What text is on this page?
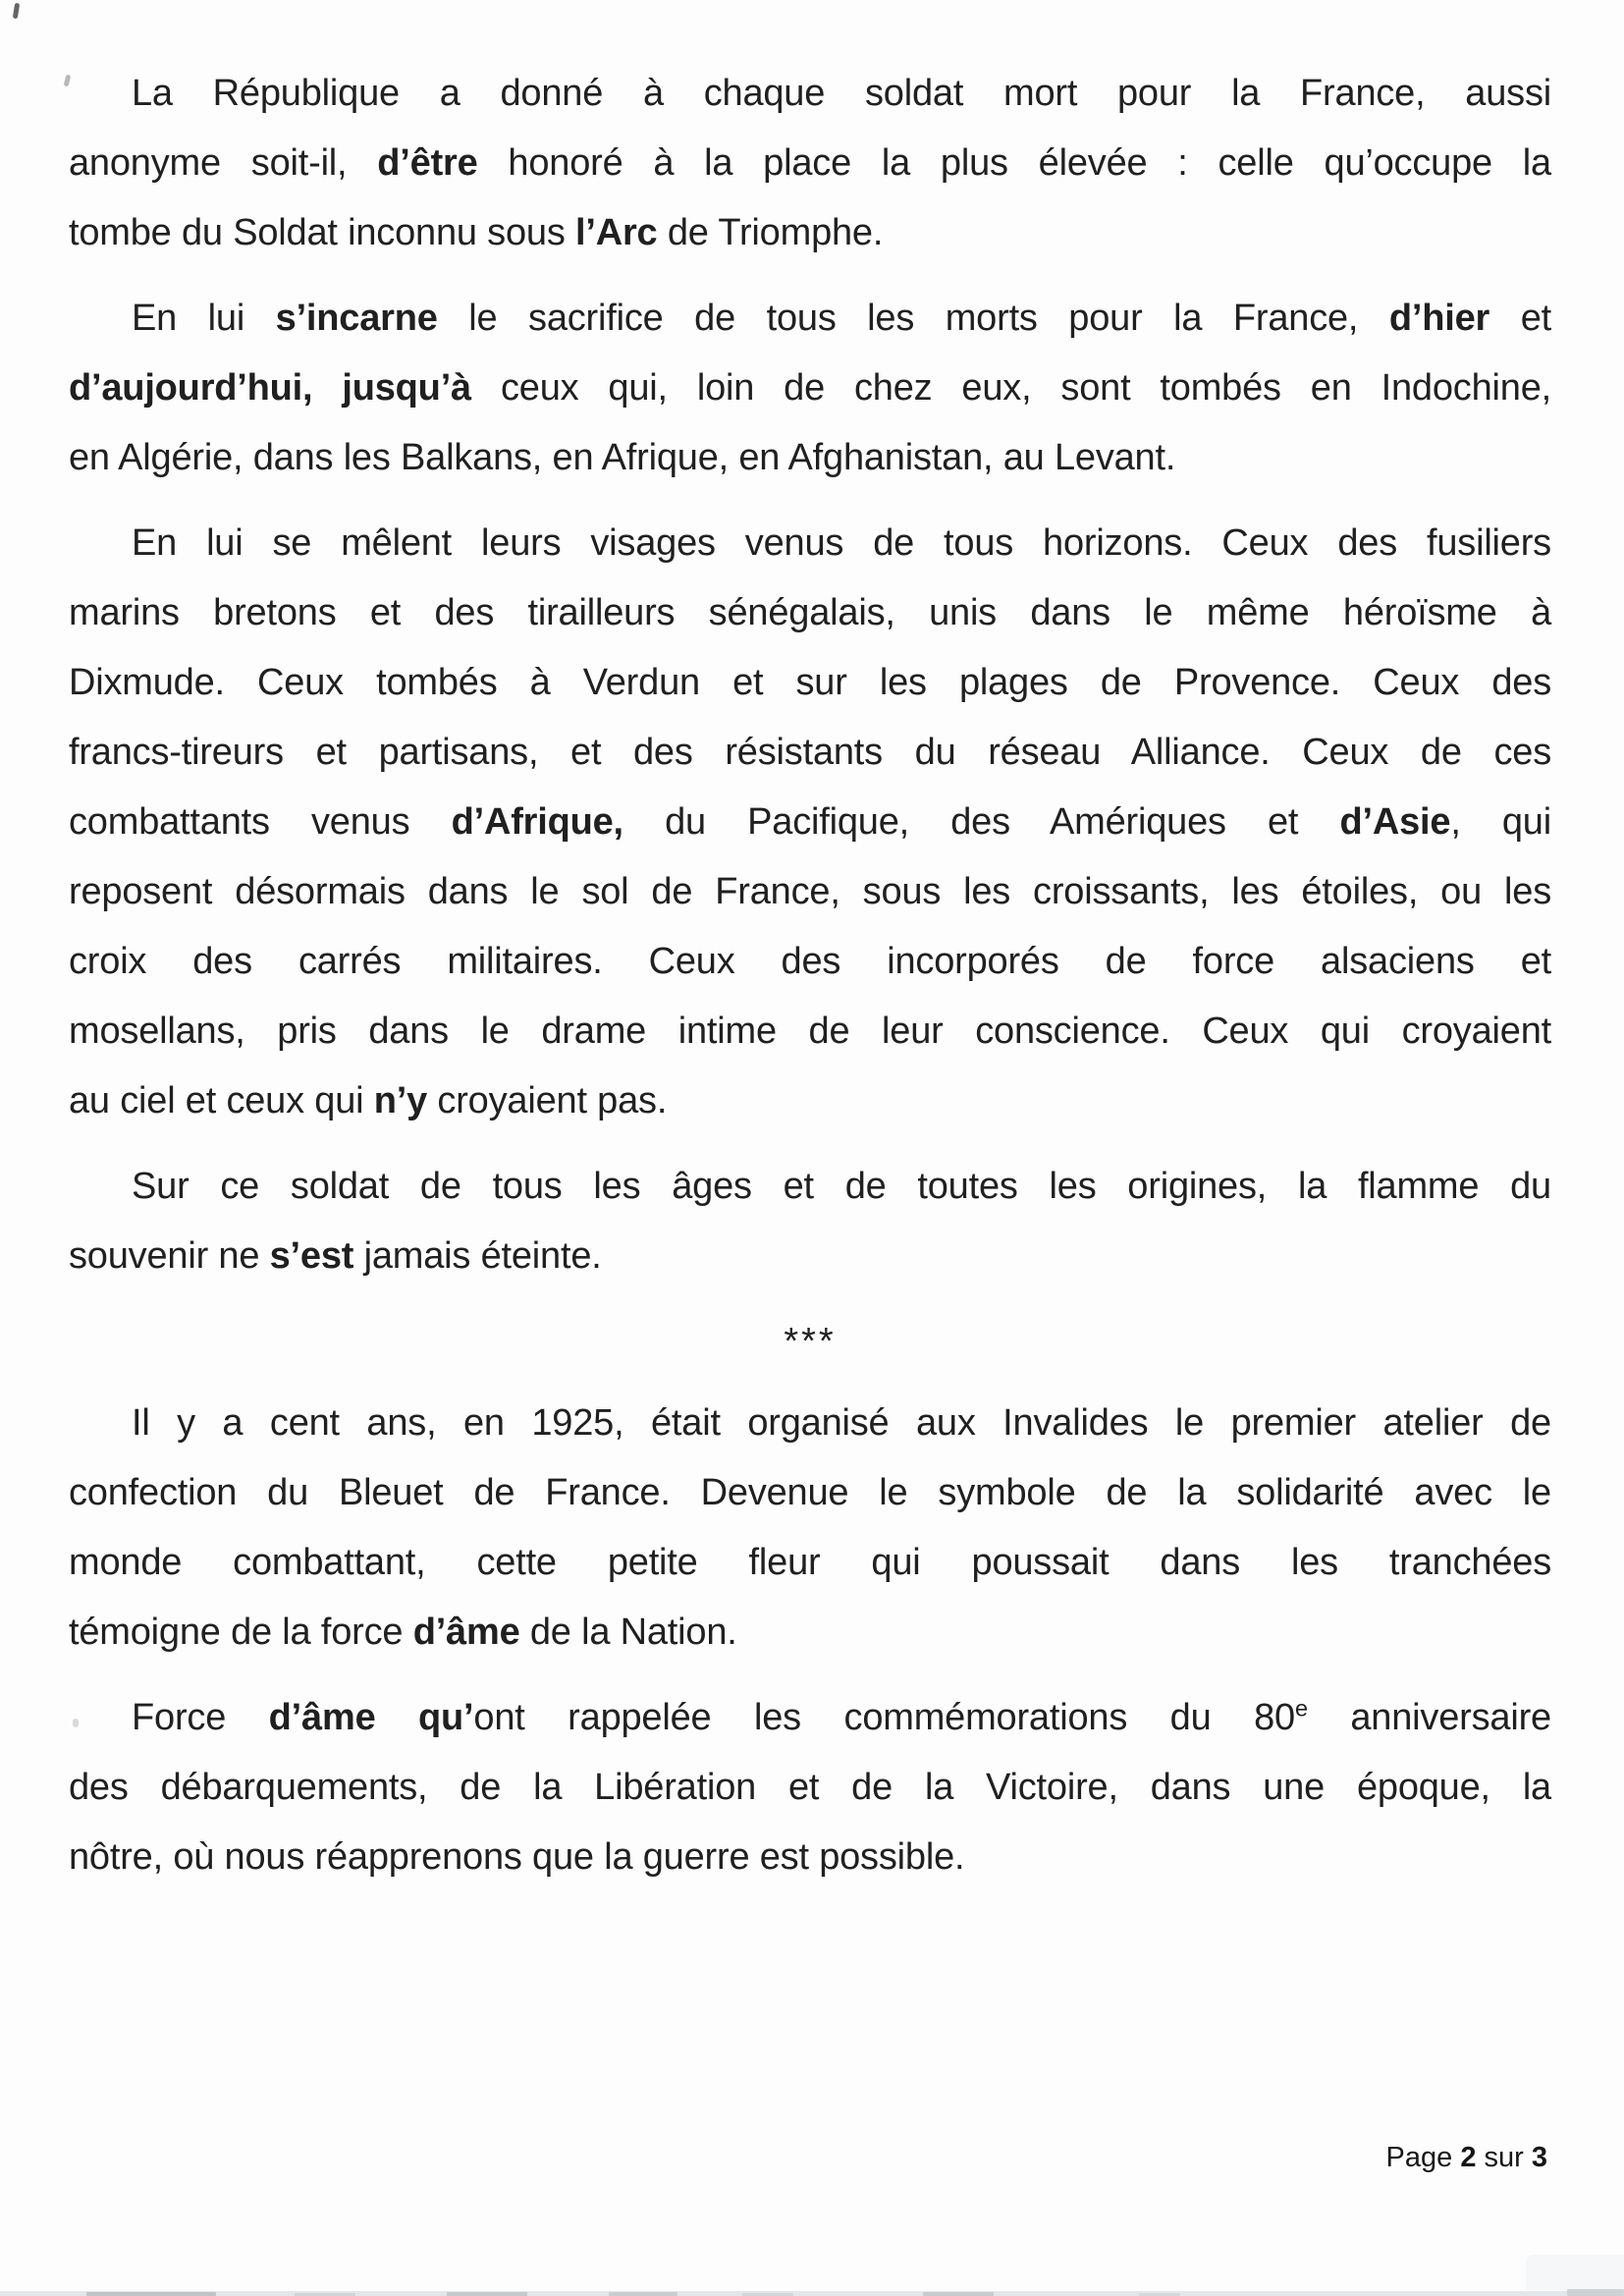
La République a donné à chaque soldat mort pour la France, aussi
anonyme soit-il, d’être honoré à la place la plus élevée : celle qu’occupe la
tombe du Soldat inconnu sous l’Arc de Triomphe.
En lui s’incarne le sacrifice de tous les morts pour la France, d’hier et
d’aujourd’hui, jusqu’à ceux qui, loin de chez eux, sont tombés en Indochine,
en Algérie, dans les Balkans, en Afrique, en Afghanistan, au Levant.
En lui se mêlent leurs visages venus de tous horizons. Ceux des fusiliers
marins bretons et des tirailleurs sénégalais, unis dans le même héroïsme à
Dixmude. Ceux tombés à Verdun et sur les plages de Provence. Ceux des
francs-tireurs et partisans, et des résistants du réseau Alliance. Ceux de ces
combattants venus d’Afrique, du Pacifique, des Amériques et d’Asie, qui
reposent désormais dans le sol de France, sous les croissants, les étoiles, ou les
croix des carrés militaires. Ceux des incorporés de force alsaciens et
mosellans, pris dans le drame intime de leur conscience. Ceux qui croyaient
au ciel et ceux qui n’y croyaient pas.
Sur ce soldat de tous les âges et de toutes les origines, la flamme du
souvenir ne s’est jamais éteinte.
***
Il y a cent ans, en 1925, était organisé aux Invalides le premier atelier de
confection du Bleuet de France. Devenue le symbole de la solidarité avec le
monde combattant, cette petite fleur qui poussait dans les tranchées
témoigne de la force d’âme de la Nation.
Force d’âme qu’ont rappelée les commémorations du 80e anniversaire
des débarquements, de la Libération et de la Victoire, dans une époque, la
nôtre, où nous réapprenons que la guerre est possible.
Page 2 sur 3
